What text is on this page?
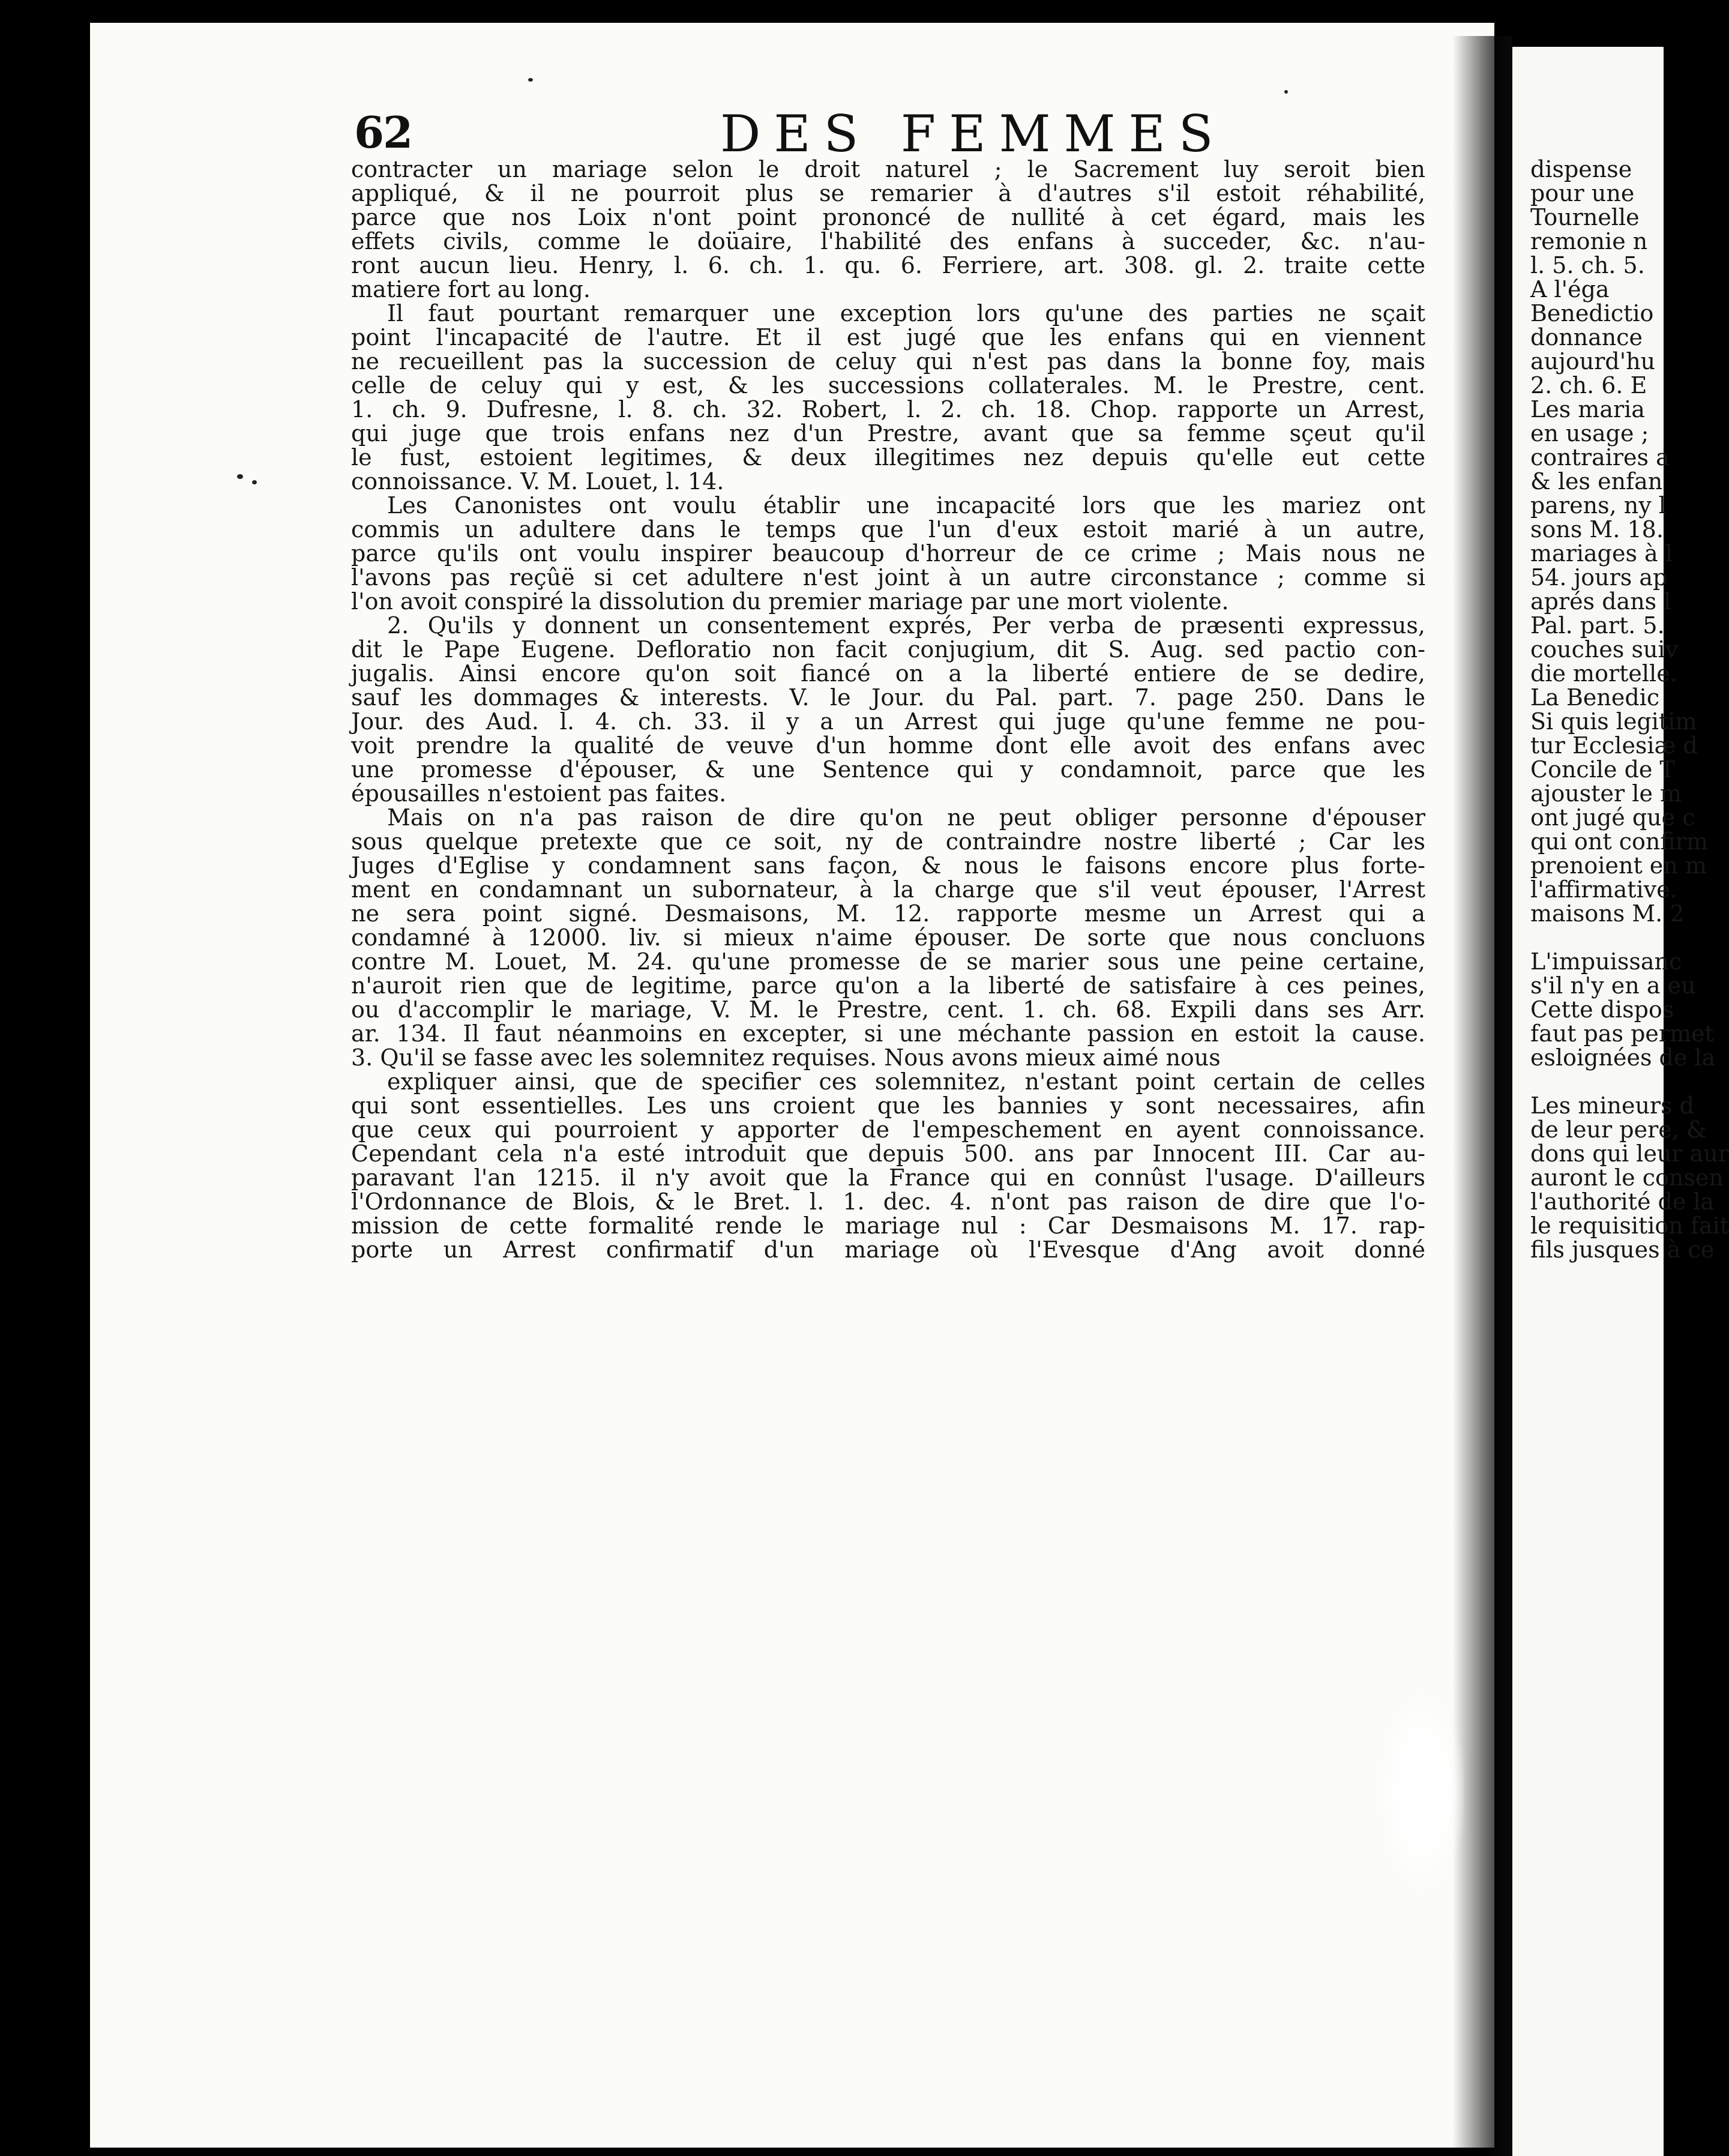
62	DES FEMMES
contracter un mariage selon le droit naturel ; le Sacrement luy seroit bien
appliqué, & il ne pourroit plus se remarier à d'autres s'il estoit réhabilité,
parce que nos Loix n'ont point prononcé de nullité à cet égard, mais les
effets civils, comme le doüaire, l'habilité des enfans à succeder, &c. n'au-
ront aucun lieu. Henry, l. 6. ch. 1. qu. 6. Ferriere, art. 308. gl. 2. traite cette
matiere fort au long.
Il faut pourtant remarquer une exception lors qu'une des parties ne sçait
point l'incapacité de l'autre. Et il est jugé que les enfans qui en viennent
ne recueillent pas la succession de celuy qui n'est pas dans la bonne foy, mais
celle de celuy qui y est, & les successions collaterales. M. le Prestre, cent.
1. ch. 9. Dufresne, l. 8. ch. 32. Robert, l. 2. ch. 18. Chop. rapporte un Arrest,
qui juge que trois enfans nez d'un Prestre, avant que sa femme sçeut qu'il
le fust, estoient legitimes, & deux illegitimes nez depuis qu'elle eut cette
connoissance. V. M. Louet, l. 14.
Les Canonistes ont voulu établir une incapacité lors que les mariez ont
commis un adultere dans le temps que l'un d'eux estoit marié à un autre,
parce qu'ils ont voulu inspirer beaucoup d'horreur de ce crime ; Mais nous ne
l'avons pas reçûë si cet adultere n'est joint à un autre circonstance ; comme si
l'on avoit conspiré la dissolution du premier mariage par une mort violente.
2. Qu'ils y donnent un consentement exprés, Per verba de præsenti expressus,
dit le Pape Eugene. Defloratio non facit conjugium, dit S. Aug. sed pactio con-
jugalis. Ainsi encore qu'on soit fiancé on a la liberté entiere de se dedire,
sauf les dommages & interests. V. le Jour. du Pal. part. 7. page 250. Dans le
Jour. des Aud. l. 4. ch. 33. il y a un Arrest qui juge qu'une femme ne pou-
voit prendre la qualité de veuve d'un homme dont elle avoit des enfans avec
une promesse d'épouser, & une Sentence qui y condamnoit, parce que les
épousailles n'estoient pas faites.
Mais on n'a pas raison de dire qu'on ne peut obliger personne d'épouser
sous quelque pretexte que ce soit, ny de contraindre nostre liberté ; Car les
Juges d'Eglise y condamnent sans façon, & nous le faisons encore plus forte-
ment en condamnant un subornateur, à la charge que s'il veut épouser, l'Arrest
ne sera point signé. Desmaisons, M. 12. rapporte mesme un Arrest qui a
condamné à 12000. liv. si mieux n'aime épouser. De sorte que nous concluons
contre M. Louet, M. 24. qu'une promesse de se marier sous une peine certaine,
n'auroit rien que de legitime, parce qu'on a la liberté de satisfaire à ces peines,
ou d'accomplir le mariage, V. M. le Prestre, cent. 1. ch. 68. Expili dans ses Arr.
ar. 134. Il faut néanmoins en excepter, si une méchante passion en estoit la cause.
3. Qu'il se fasse avec les solemnitez requises. Nous avons mieux aimé nous
expliquer ainsi, que de specifier ces solemnitez, n'estant point certain de celles
qui sont essentielles. Les uns croient que les bannies y sont necessaires, afin
que ceux qui pourroient y apporter de l'empeschement en ayent connoissance.
Cependant cela n'a esté introduit que depuis 500. ans par Innocent III. Car au-
paravant l'an 1215. il n'y avoit que la France qui en connûst l'usage. D'ailleurs
l'Ordonnance de Blois, & le Bret. l. 1. dec. 4. n'ont pas raison de dire que l'o-
mission de cette formalité rende le mariage nul : Car Desmaisons M. 17. rap-
porte un Arrest confirmatif d'un mariage où l'Evesque d'Ang avoit donné
dispense
pour une
Tournelle
remonie n
l. 5. ch. 5.
A l'éga
Benedictio
donnance
aujourd'hu
2. ch. 6. E
Les maria
en usage ;
contraires a
& les enfan
parens, ny l
sons M. 18.
mariages à l
54. jours ap
aprés dans l
Pal. part. 5.
couches suiv
die mortelle.
La Benedic
Si quis legitim
tur Ecclesiæ d
Concile de T
ajouster le m
ont jugé que c
qui ont confirm
prenoient en m
l'affirmative.
maisons M. 2
L'impuissanc
s'il n'y en a eu
Cette dispos
faut pas permet
esloignées de la
Les mineurs d
de leur pere, &
dons qui leur aur
auront le consen
l'authorité de la
le requisition fait
fils jusques à ce
